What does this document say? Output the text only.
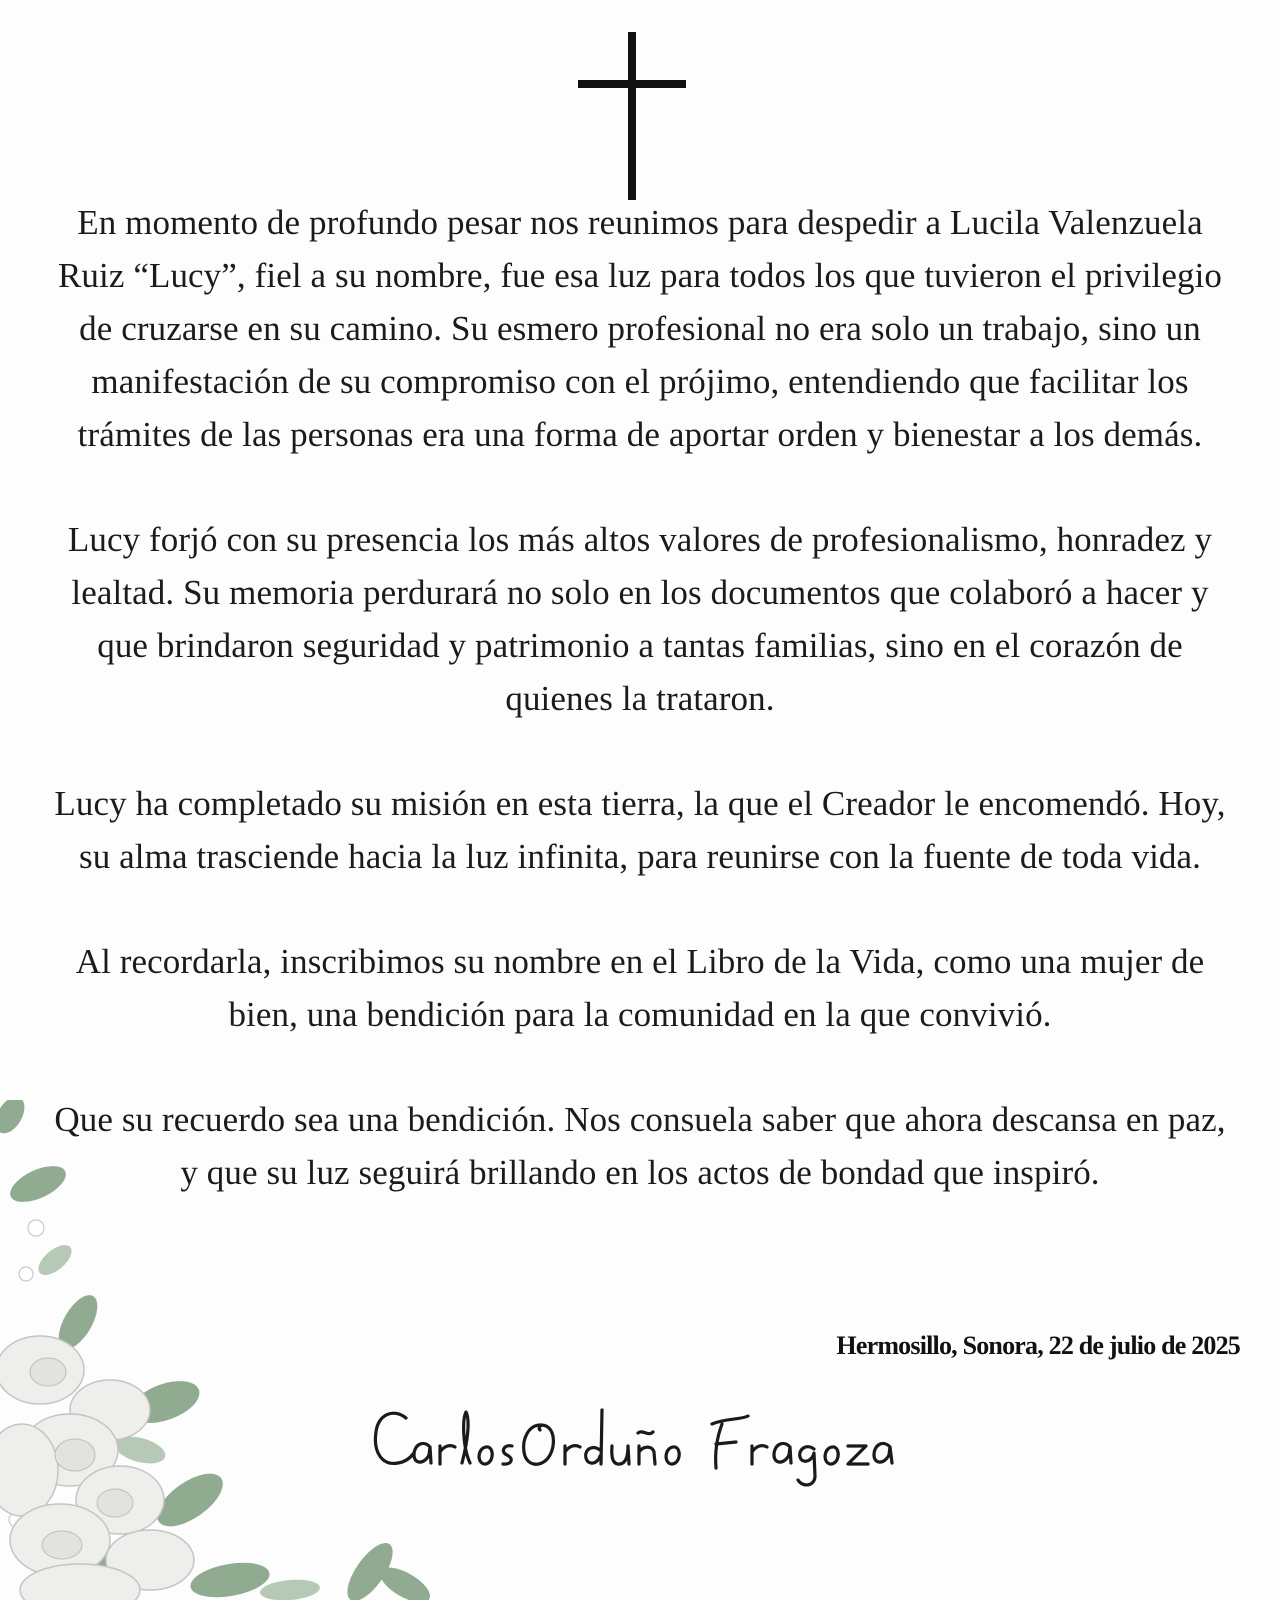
En momento de profundo pesar nos reunimos para despedir a Lucila Valenzuela Ruiz “Lucy”, fiel a su nombre, fue esa luz para todos los que tuvieron el privilegio de cruzarse en su camino. Su esmero profesional no era solo un trabajo, sino un manifestación de su compromiso con el prójimo, entendiendo que facilitar los trámites de las personas era una forma de aportar orden y bienestar a los demás.

Lucy forjó con su presencia los más altos valores de profesionalismo, honradez y lealtad. Su memoria perdurará no solo en los documentos que colaboró a hacer y que brindaron seguridad y patrimonio a tantas familias, sino en el corazón de quienes la trataron.

Lucy ha completado su misión en esta tierra, la que el Creador le encomendó. Hoy, su alma trasciende hacia la luz infinita, para reunirse con la fuente de toda vida.

Al recordarla, inscribimos su nombre en el Libro de la Vida, como una mujer de bien, una bendición para la comunidad en la que convivió.

Que su recuerdo sea una bendición. Nos consuela saber que ahora descansa en paz, y que su luz seguirá brillando en los actos de bondad que inspiró.

Hermosillo, Sonora, 22 de julio de 2025
